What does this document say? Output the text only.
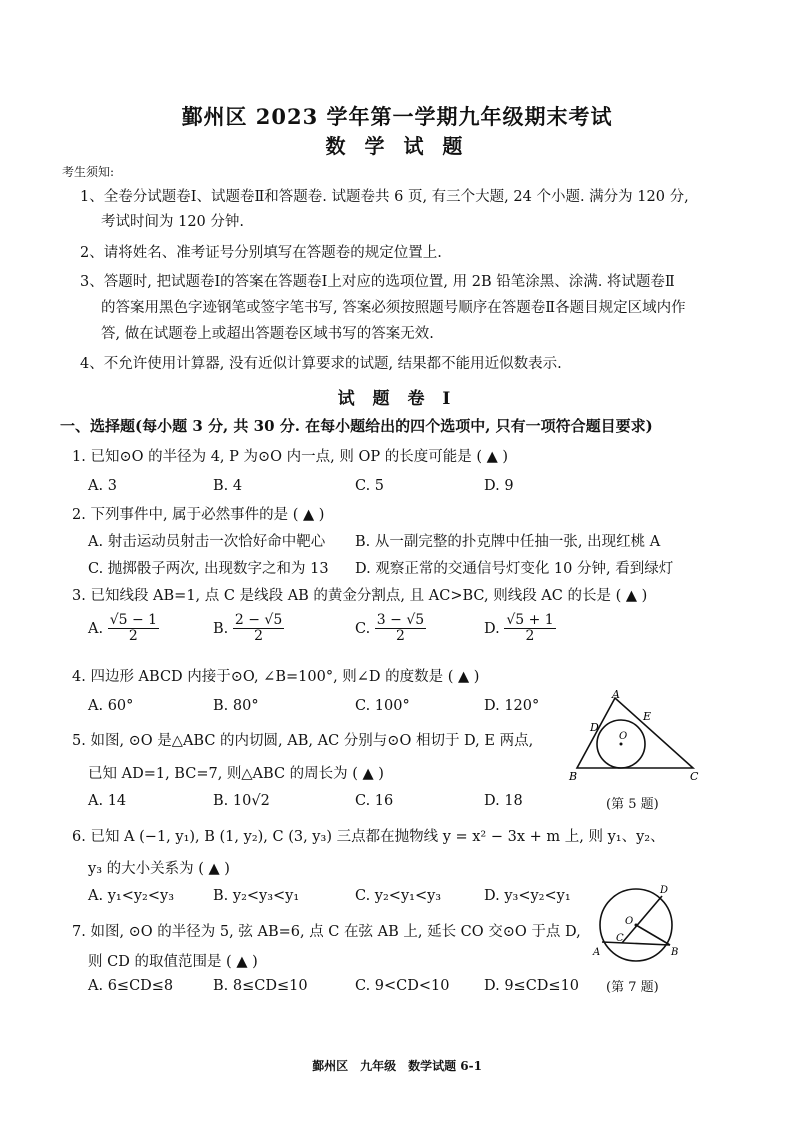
鄞州区 2023 学年第一学期九年级期末考试
数 学 试 题
考生须知:
1、全卷分试题卷Ⅰ、试题卷Ⅱ和答题卷. 试题卷共 6 页, 有三个大题, 24 个小题. 满分为 120 分,
考试时间为 120 分钟.
2、请将姓名、准考证号分别填写在答题卷的规定位置上.
3、答题时, 把试题卷Ⅰ的答案在答题卷Ⅰ上对应的选项位置, 用 2B 铅笔涂黑、涂满. 将试题卷Ⅱ
的答案用黑色字迹钢笔或签字笔书写, 答案必须按照题号顺序在答题卷Ⅱ各题目规定区域内作
答, 做在试题卷上或超出答题卷区域书写的答案无效.
4、不允许使用计算器, 没有近似计算要求的试题, 结果都不能用近似数表示.
试 题 卷 Ⅰ
一、选择题(每小题 3 分, 共 30 分. 在每小题给出的四个选项中, 只有一项符合题目要求)
1. 已知⊙O 的半径为 4, P 为⊙O 内一点, 则 OP 的长度可能是 ( ▲ )
A. 3	B. 4	C. 5	D. 9
2. 下列事件中, 属于必然事件的是 ( ▲ )
A. 射击运动员射击一次恰好命中靶心 B. 从一副完整的扑克牌中任抽一张, 出现红桃 A
C. 抛掷骰子两次, 出现数字之和为 13 D. 观察正常的交通信号灯变化 10 分钟, 看到绿灯
3. 已知线段 AB=1, 点 C 是线段 AB 的黄金分割点, 且 AC>BC, 则线段 AC 的长是 ( ▲ )
A. $\frac{√5 - 1}{2}$	B. $\frac{2 - √5}{2}$	C. $\frac{3 - √5}{2}$	D. $\frac{√5 + 1}{2}$
4. 四边形 ABCD 内接于⊙O, ∠B=100°, 则∠D 的度数是 ( ▲ )
A. 60°	B. 80°	C. 100°	D. 120°
5. 如图, ⊙O 是△ABC 的内切圆, AB, AC 分别与⊙O 相切于 D, E 两点,
已知 AD=1, BC=7, 则△ABC 的周长为 ( ▲ )
A. 14	B. 10√2	C. 16	D. 18
A
B	C
D
E
O
(第 5 题)
6. 已知 A (−1, y₁), B (1, y₂), C (3, y₃) 三点都在抛物线 y = x² − 3x + m 上, 则 y₁、y₂、
y₃ 的大小关系为 ( ▲ )
A. y₁<y₂<y₃	B. y₂<y₃<y₁	C. y₂<y₁<y₃	D. y₃<y₂<y₁
7. 如图, ⊙O 的半径为 5, 弦 AB=6, 点 C 在弦 AB 上, 延长 CO 交⊙O 于点 D,
则 CD 的取值范围是 ( ▲ )
A. 6≤CD≤8	B. 8≤CD≤10	C. 9<CD<10 D. 9≤CD≤10
A	B
C
D
O
(第 7 题)
鄞州区　九年级　数学试题 6-1
